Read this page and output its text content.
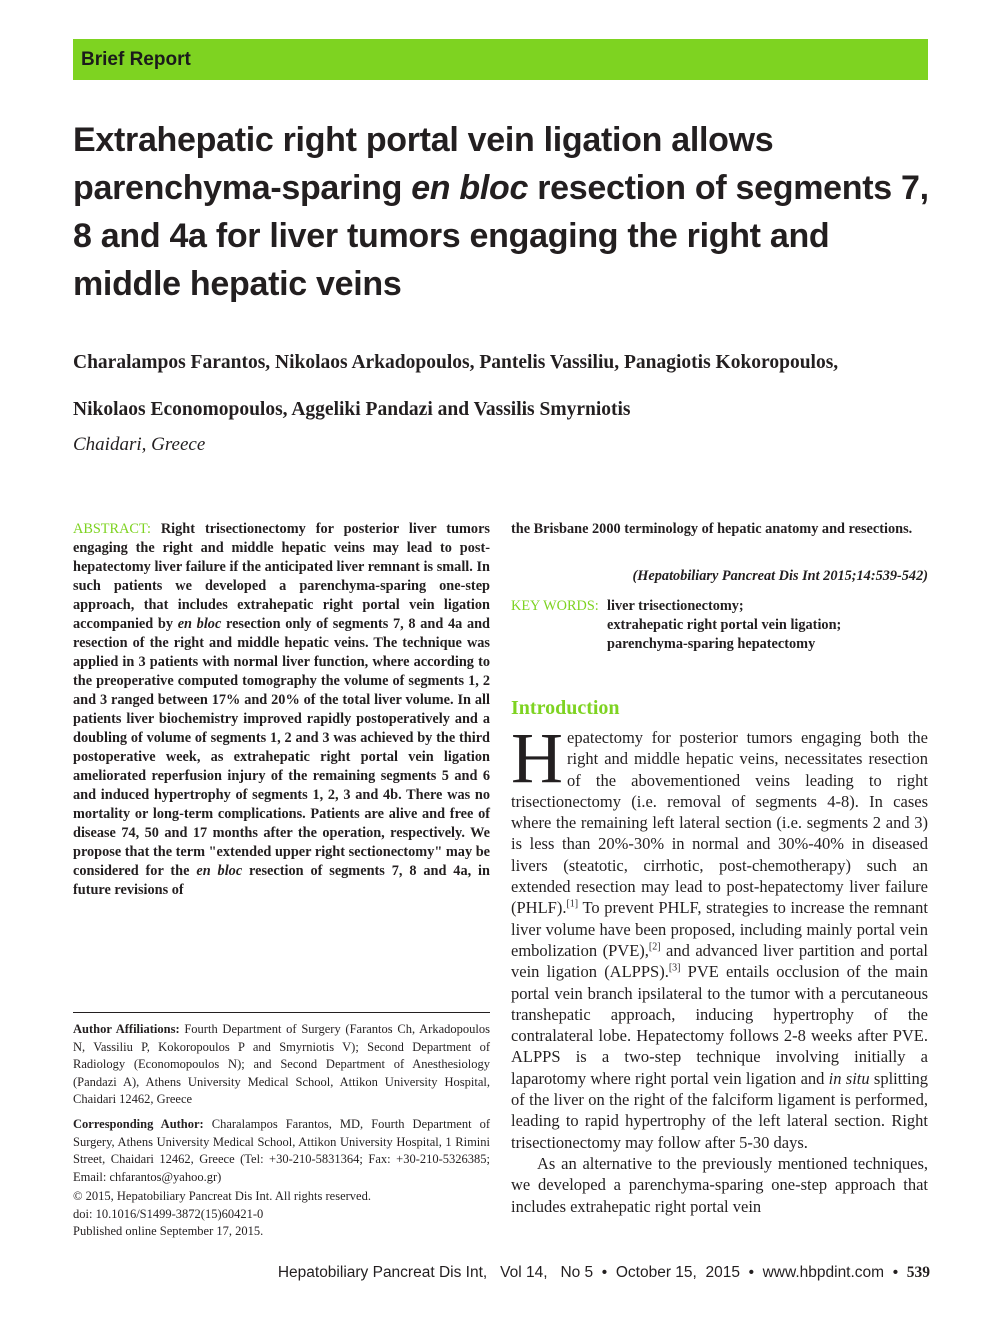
Brief Report
Extrahepatic right portal vein ligation allows parenchyma-sparing en bloc resection of segments 7, 8 and 4a for liver tumors engaging the right and middle hepatic veins
Charalampos Farantos, Nikolaos Arkadopoulos, Pantelis Vassiliu, Panagiotis Kokoropoulos,
Nikolaos Economopoulos, Aggeliki Pandazi and Vassilis Smyrniotis
Chaidari, Greece
ABSTRACT: Right trisectionectomy for posterior liver tumors engaging the right and middle hepatic veins may lead to post-hepatectomy liver failure if the anticipated liver remnant is small. In such patients we developed a parenchyma-sparing one-step approach, that includes extrahepatic right portal vein ligation accompanied by en bloc resection only of segments 7, 8 and 4a and resection of the right and middle hepatic veins. The technique was applied in 3 patients with normal liver function, where according to the preoperative computed tomography the volume of segments 1, 2 and 3 ranged between 17% and 20% of the total liver volume. In all patients liver biochemistry improved rapidly postoperatively and a doubling of volume of segments 1, 2 and 3 was achieved by the third postoperative week, as extrahepatic right portal vein ligation ameliorated reperfusion injury of the remaining segments 5 and 6 and induced hypertrophy of segments 1, 2, 3 and 4b. There was no mortality or long-term complications. Patients are alive and free of disease 74, 50 and 17 months after the operation, respectively. We propose that the term "extended upper right sectionectomy" may be considered for the en bloc resection of segments 7, 8 and 4a, in future revisions of

Author Affiliations: Fourth Department of Surgery (Farantos Ch, Arkadopoulos N, Vassiliu P, Kokoropoulos P and Smyrniotis V); Second Department of Radiology (Economopoulos N); and Second Department of Anesthesiology (Pandazi A), Athens University Medical School, Attikon University Hospital, Chaidari 12462, Greece

Corresponding Author: Charalampos Farantos, MD, Fourth Department of Surgery, Athens University Medical School, Attikon University Hospital, 1 Rimini Street, Chaidari 12462, Greece (Tel: +30-210-5831364; Fax: +30-210-5326385; Email: chfarantos@yahoo.gr)

© 2015, Hepatobiliary Pancreat Dis Int. All rights reserved.
doi: 10.1016/S1499-3872(15)60421-0
Published online September 17, 2015.
the Brisbane 2000 terminology of hepatic anatomy and resections.
(Hepatobiliary Pancreat Dis Int 2015;14:539-542)
KEY WORDS: liver trisectionectomy;
extrahepatic right portal vein ligation;
parenchyma-sparing hepatectomy
Introduction

Hepatectomy for posterior tumors engaging both the right and middle hepatic veins, necessitates resection of the abovementioned veins leading to right trisectionectomy (i.e. removal of segments 4-8). In cases where the remaining left lateral section (i.e. segments 2 and 3) is less than 20%-30% in normal and 30%-40% in diseased livers (steatotic, cirrhotic, post-chemotherapy) such an extended resection may lead to post-hepatectomy liver failure (PHLF).[1] To prevent PHLF, strategies to increase the remnant liver volume have been proposed, including mainly portal vein embolization (PVE),[2] and advanced liver partition and portal vein ligation (ALPPS).[3] PVE entails occlusion of the main portal vein branch ipsilateral to the tumor with a percutaneous transhepatic approach, inducing hypertrophy of the contralateral lobe. Hepatectomy follows 2-8 weeks after PVE. ALPPS is a two-step technique involving initially a laparotomy where right portal vein ligation and in situ splitting of the liver on the right of the falciform ligament is performed, leading to rapid hypertrophy of the left lateral section. Right trisectionectomy may follow after 5-30 days.

As an alternative to the previously mentioned techniques, we developed a parenchyma-sparing one-step approach that includes extrahepatic right portal vein

Hepatobiliary Pancreat Dis Int, Vol 14, No 5  •  October 15, 2015  •  www.hbpdint.com  •  539
